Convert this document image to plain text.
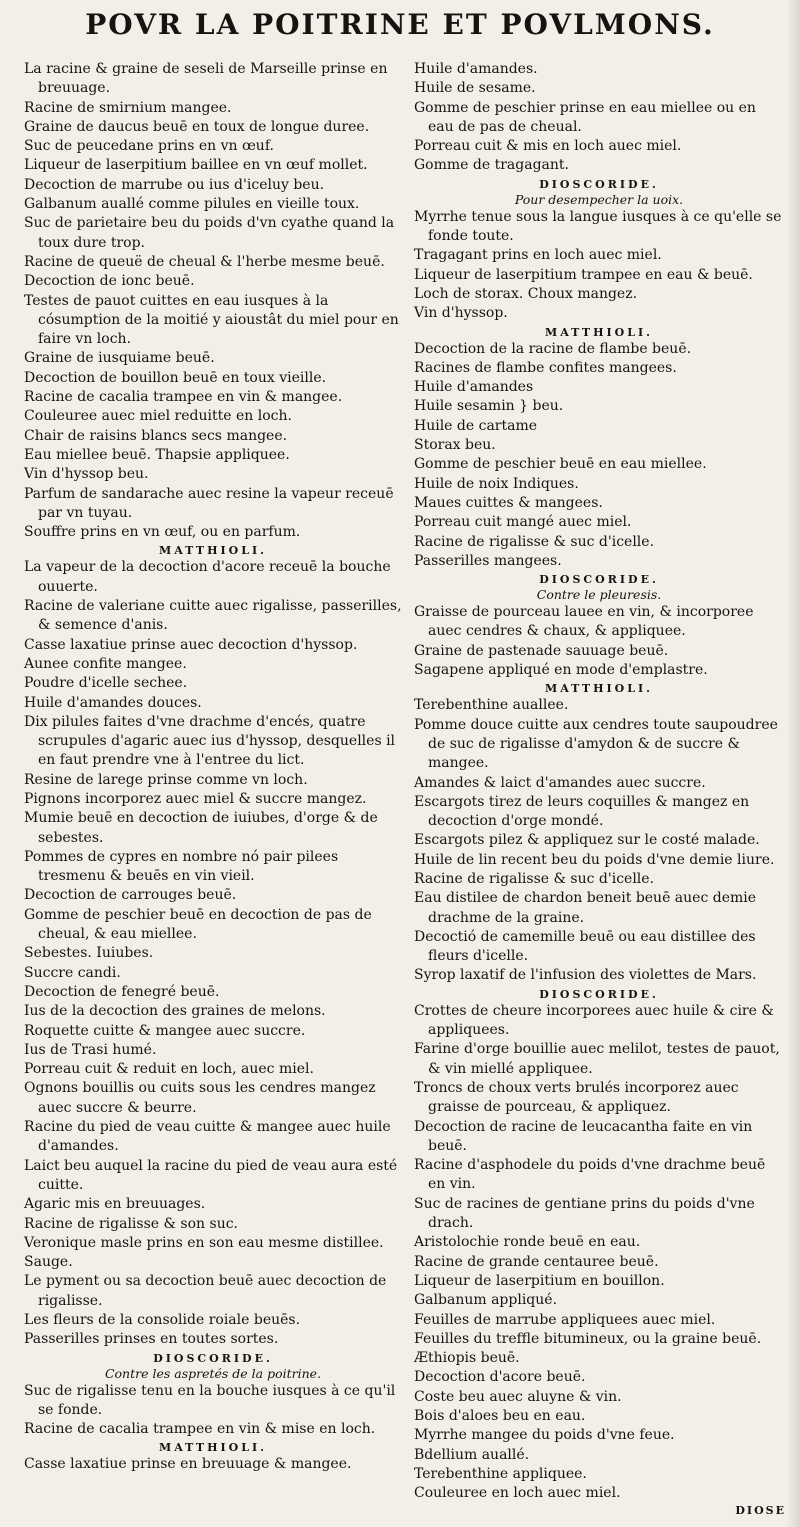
POVR LA POITRINE ET POVLMONS.
La racine & graine de seseli de Marseille prinse en breuuage.
Racine de smirnium mangee.
Graine de daucus beuē en toux de longue duree.
Suc de peucedane prins en vn œuf.
Liqueur de laserpitium baillee en vn œuf mollet.
Decoction de marrube ou ius d'iceluy beu.
Galbanum auallé comme pilules en vieille toux.
Suc de parietaire beu du poids d'vn cyathe quand la toux dure trop.
Racine de queuë de cheual & l'herbe mesme beuē.
Decoction de ionc beuē.
Testes de pauot cuittes en eau iusques à la cósumption de la moitié y aioustât du miel pour en faire vn loch.
Graine de iusquiame beuē.
Decoction de bouillon beuē en toux vieille.
Racine de cacalia trampee en vin & mangee.
Couleuree auec miel reduitte en loch.
Chair de raisins blancs secs mangee.
Eau miellee beuē. Thapsie appliquee.
Vin d'hyssop beu.
Parfum de sandarache auec resine la vapeur receuē par vn tuyau.
Souffre prins en vn œuf, ou en parfum.
MATTHIOLI.
La vapeur de la decoction d'acore receuē la bouche ouuerte.
Racine de valeriane cuitte auec rigalisse, passerilles, & semence d'anis.
Casse laxatiue prinse auec decoction d'hyssop.
Aunee confite mangee.
Poudre d'icelle sechee.
Huile d'amandes douces.
Dix pilules faites d'vne drachme d'encés, quatre scrupules d'agaric auec ius d'hyssop, desquelles il en faut prendre vne à l'entree du lict.
Resine de larege prinse comme vn loch.
Pignons incorporez auec miel & succre mangez.
Mumie beuē en decoction de iuiubes, d'orge & de sebestes.
Pommes de cypres en nombre nó pair pilees tresmenu & beuēs en vin vieil.
Decoction de carrouges beuē.
Gomme de peschier beuē en decoction de pas de cheual, & eau miellee.
Sebestes. Iuiubes.
Succre candi.
Decoction de fenegré beuē.
Ius de la decoction des graines de melons.
Roquette cuitte & mangee auec succre.
Ius de Trasi humé.
Porreau cuit & reduit en loch, auec miel.
Ognons bouillis ou cuits sous les cendres mangez auec succre & beurre.
Racine du pied de veau cuitte & mangee auec huile d'amandes.
Laict beu auquel la racine du pied de veau aura esté cuitte.
Agaric mis en breuuages.
Racine de rigalisse & son suc.
Veronique masle prins en son eau mesme distillee.
Sauge.
Le pyment ou sa decoction beuē auec decoction de rigalisse.
Les fleurs de la consolide roiale beuēs.
Passerilles prinses en toutes sortes.
DIOSCORIDE.
Contre les aspretés de la poitrine.
Suc de rigalisse tenu en la bouche iusques à ce qu'il se fonde.
Racine de cacalia trampee en vin & mise en loch.
MATTHIOLI.
Casse laxatiue prinse en breuuage & mangee.
Huile d'amandes.
Huile de sesame.
Gomme de peschier prinse en eau miellee ou en eau de pas de cheual.
Porreau cuit & mis en loch auec miel.
Gomme de tragagant.
DIOSCORIDE.
Pour desempecher la uoix.
Myrrhe tenue sous la langue iusques à ce qu'elle se fonde toute.
Tragagant prins en loch auec miel.
Liqueur de laserpitium trampee en eau & beuē.
Loch de storax. Choux mangez.
Vin d'hyssop.
MATTHIOLI.
Decoction de la racine de flambe beuē.
Racines de flambe confites mangees.
Huile d'amandes
Huile sesamin } beu.
Huile de cartame
Storax beu.
Gomme de peschier beuē en eau miellee.
Huile de noix Indiques.
Maues cuittes & mangees.
Porreau cuit mangé auec miel.
Racine de rigalisse & suc d'icelle.
Passerilles mangees.
DIOSCORIDE.
Contre le pleuresis.
Graisse de pourceau lauee en vin, & incorporee auec cendres & chaux, & appliquee.
Graine de pastenade sauuage beuē.
Sagapene appliqué en mode d'emplastre.
MATTHIOLI.
Terebenthine auallee.
Pomme douce cuitte aux cendres toute saupoudree de suc de rigalisse d'amydon & de succre & mangee.
Amandes & laict d'amandes auec succre.
Escargots tirez de leurs coquilles & mangez en decoction d'orge mondé.
Escargots pilez & appliquez sur le costé malade.
Huile de lin recent beu du poids d'vne demie liure.
Racine de rigalisse & suc d'icelle.
Eau distilee de chardon beneit beuē auec demie drachme de la graine.
Decoctió de camemille beuē ou eau distillee des fleurs d'icelle.
Syrop laxatif de l'infusion des violettes de Mars.
DIOSCORIDE.
Crottes de cheure incorporees auec huile & cire & appliquees.
Farine d'orge bouillie auec melilot, testes de pauot, & vin miellé appliquee.
Troncs de choux verts brulés incorporez auec graisse de pourceau, & appliquez.
Decoction de racine de leucacantha faite en vin beuē.
Racine d'asphodele du poids d'vne drachme beuē en vin.
Suc de racines de gentiane prins du poids d'vne drach.
Aristolochie ronde beuē en eau.
Racine de grande centauree beuē.
Liqueur de laserpitium en bouillon.
Galbanum appliqué.
Feuilles de marrube appliquees auec miel.
Feuilles du treffle bitumineux, ou la graine beuē.
Æthiopis beuē.
Decoction d'acore beuē.
Coste beu auec aluyne & vin.
Bois d'aloes beu en eau.
Myrrhe mangee du poids d'vne feue.
Bdellium auallé.
Terebenthine appliquee.
Couleuree en loch auec miel.
DIOSE
